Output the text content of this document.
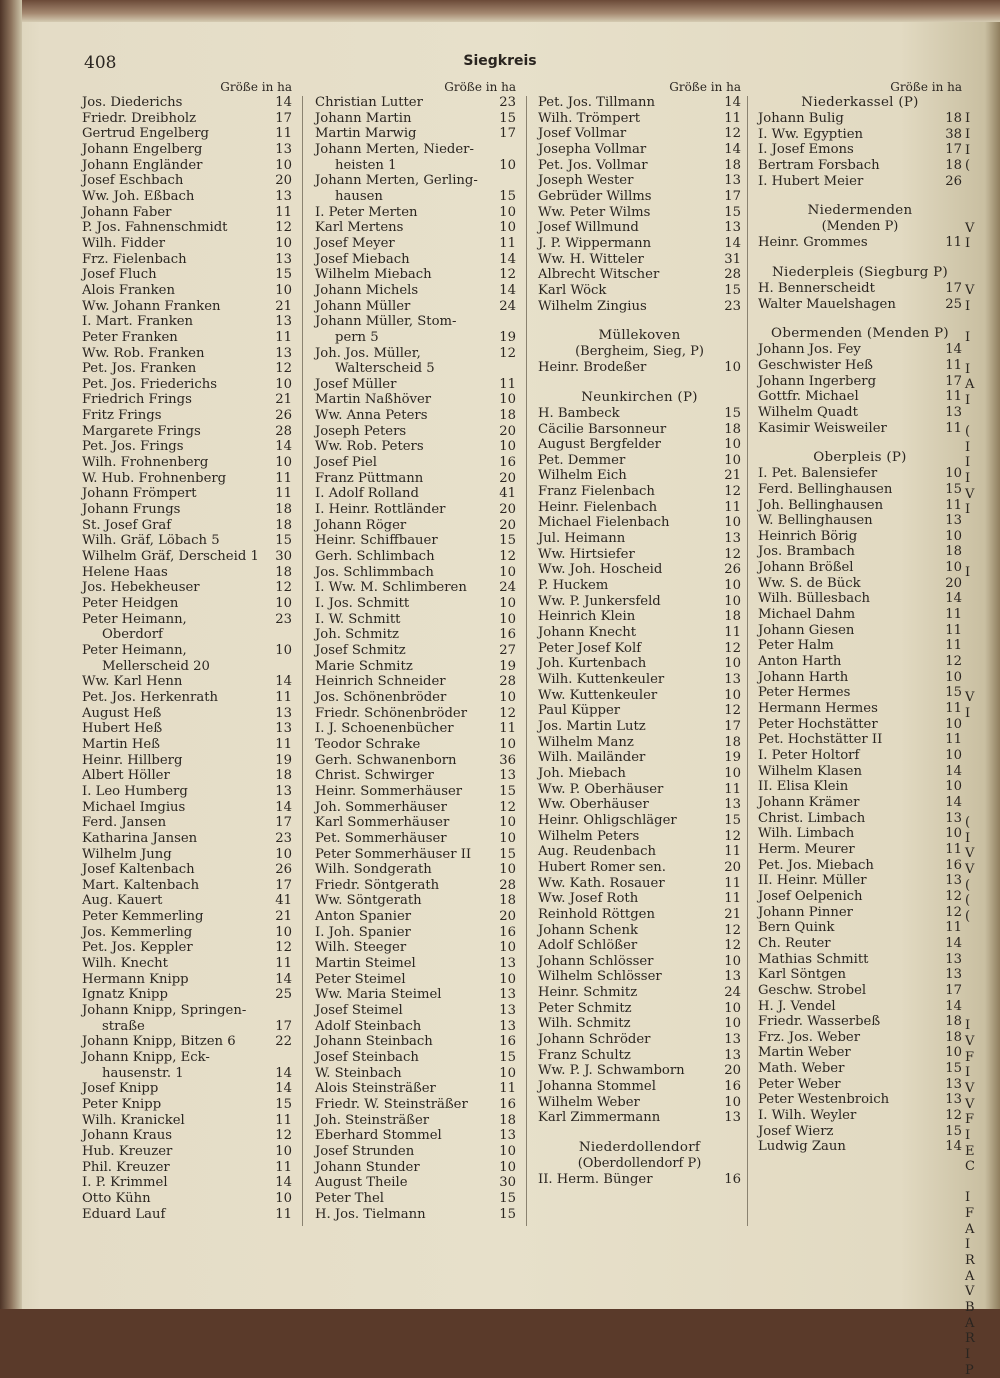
408	Siegkreis
Größe in ha
Jos. Diederichs	14
Friedr. Dreibholz	17
Gertrud Engelberg	11
Johann Engelberg	13
Johann Engländer	10
Josef Eschbach	20
Ww. Joh. Eßbach	13
Johann Faber	11
P. Jos. Fahnenschmidt	12
Wilh. Fidder	10
Frz. Fielenbach	13
Josef Fluch	15
Alois Franken	10
Ww. Johann Franken	21
I. Mart. Franken	13
Peter Franken	11
Ww. Rob. Franken	13
Pet. Jos. Franken	12
Pet. Jos. Friederichs	10
Friedrich Frings	21
Fritz Frings	26
Margarete Frings	28
Pet. Jos. Frings	14
Wilh. Frohnenberg	10
W. Hub. Frohnenberg	11
Johann Frömpert	11
Johann Frungs	18
St. Josef Graf	18
Wilh. Gräf, Löbach 5	15
Wilhelm Gräf, Derscheid 1 30
Helene Haas	18
Jos. Hebekheuser	12
Peter Heidgen	10
Peter Heimann,	23
Oberdorf
Peter Heimann,	10
Mellerscheid 20
Ww. Karl Henn	14
Pet. Jos. Herkenrath	11
August Heß	13
Hubert Heß	13
Martin Heß	11
Heinr. Hillberg	19
Albert Höller	18
I. Leo Humberg	13
Michael Imgius	14
Ferd. Jansen	17
Katharina Jansen	23
Wilhelm Jung	10
Josef Kaltenbach	26
Mart. Kaltenbach	17
Aug. Kauert	41
Peter Kemmerling	21
Jos. Kemmerling	10
Pet. Jos. Keppler	12
Wilh. Knecht	11
Hermann Knipp	14
Ignatz Knipp	25
Johann Knipp, Springen-
straße	17
Johann Knipp, Bitzen 6	22
Johann Knipp, Eck-
hausenstr. 1	14
Josef Knipp	14
Peter Knipp	15
Wilh. Kranickel	11
Johann Kraus	12
Hub. Kreuzer	10
Phil. Kreuzer	11
I. P. Krimmel	14
Otto Kühn	10
Eduard Lauf	11
Größe in ha
Christian Lutter	23
Johann Martin	15
Martin Marwig	17
Johann Merten, Nieder-
heisten 1	10
Johann Merten, Gerling-
hausen	15
I. Peter Merten	10
Karl Mertens	10
Josef Meyer	11
Josef Miebach	14
Wilhelm Miebach	12
Johann Michels	14
Johann Müller	24
Johann Müller, Stom-
pern 5	19
Joh. Jos. Müller,	12
Walterscheid 5
Josef Müller	11
Martin Naßhöver	10
Ww. Anna Peters	18
Joseph Peters	20
Ww. Rob. Peters	10
Josef Piel	16
Franz Püttmann	20
I. Adolf Rolland	41
I. Heinr. Rottländer	20
Johann Röger	20
Heinr. Schiffbauer	15
Gerh. Schlimbach	12
Jos. Schlimmbach	10
I. Ww. M. Schlimberen 24
I. Jos. Schmitt	10
I. W. Schmitt	10
Joh. Schmitz	16
Josef Schmitz	27
Marie Schmitz	19
Heinrich Schneider	28
Jos. Schönenbröder	10
Friedr. Schönenbröder 12
I. J. Schoenenbücher	11
Teodor Schrake	10
Gerh. Schwanenborn	36
Christ. Schwirger	13
Heinr. Sommerhäuser	15
Joh. Sommerhäuser	12
Karl Sommerhäuser	10
Pet. Sommerhäuser	10
Peter Sommerhäuser II 15
Wilh. Sondgerath	10
Friedr. Söntgerath	28
Ww. Söntgerath	18
Anton Spanier	20
I. Joh. Spanier	16
Wilh. Steeger	10
Martin Steimel	13
Peter Steimel	10
Ww. Maria Steimel	13
Josef Steimel	13
Adolf Steinbach	13
Johann Steinbach	16
Josef Steinbach	15
W. Steinbach	10
Alois Steinsträßer	11
Friedr. W. Steinsträßer 16
Joh. Steinsträßer	18
Eberhard Stommel	13
Josef Strunden	10
Johann Stunder	10
August Theile	30
Peter Thel	15
H. Jos. Tielmann	15
Größe in ha
Pet. Jos. Tillmann	14
Wilh. Trömpert	11
Josef Vollmar	12
Josepha Vollmar	14
Pet. Jos. Vollmar	18
Joseph Wester	13
Gebrüder Willms	17
Ww. Peter Wilms	15
Josef Willmund	13
J. P. Wippermann	14
Ww. H. Witteler	31
Albrecht Witscher	28
Karl Wöck	15
Wilhelm Zingius	23
Müllekoven
(Bergheim, Sieg, P)
Heinr. Brodeßer	10
Neunkirchen (P)
H. Bambeck	15
Cäcilie Barsonneur	18
August Bergfelder	10
Pet. Demmer	10
Wilhelm Eich	21
Franz Fielenbach	12
Heinr. Fielenbach	11
Michael Fielenbach	10
Jul. Heimann	13
Ww. Hirtsiefer	12
Ww. Joh. Hoscheid	26
P. Huckem	10
Ww. P. Junkersfeld	10
Heinrich Klein	18
Johann Knecht	11
Peter Josef Kolf	12
Joh. Kurtenbach	10
Wilh. Kuttenkeuler	13
Ww. Kuttenkeuler	10
Paul Küpper	12
Jos. Martin Lutz	17
Wilhelm Manz	18
Wilh. Mailänder	19
Joh. Miebach	10
Ww. P. Oberhäuser	11
Ww. Oberhäuser	13
Heinr. Ohligschläger	15
Wilhelm Peters	12
Aug. Reudenbach	11
Hubert Romer sen.	20
Ww. Kath. Rosauer	11
Ww. Josef Roth	11
Reinhold Röttgen	21
Johann Schenk	12
Adolf Schlößer	12
Johann Schlösser	10
Wilhelm Schlösser	13
Heinr. Schmitz	24
Peter Schmitz	10
Wilh. Schmitz	10
Johann Schröder	13
Franz Schultz	13
Ww. P. J. Schwamborn	20
Johanna Stommel	16
Wilhelm Weber	10
Karl Zimmermann	13
Niederdollendorf
(Oberdollendorf P)
II. Herm. Bünger	16
Größe in ha
Niederkassel (P)
Johann Bulig	18
I. Ww. Egyptien	38
I. Josef Emons	17
Bertram Forsbach	18
I. Hubert Meier	26
Niedermenden
(Menden P)
Heinr. Grommes	11
Niederpleis (Siegburg P)
H. Bennerscheidt	17
Walter Mauelshagen	25
Obermenden (Menden P)
Johann Jos. Fey	14
Geschwister Heß	11
Johann Ingerberg	17
Gottfr. Michael	11
Wilhelm Quadt	13
Kasimir Weisweiler	11
Oberpleis (P)
I. Pet. Balensiefer	10
Ferd. Bellinghausen	15
Joh. Bellinghausen	11
W. Bellinghausen	13
Heinrich Börig	10
Jos. Brambach	18
Johann Brößel	10
Ww. S. de Bück	20
Wilh. Büllesbach	14
Michael Dahm	11
Johann Giesen	11
Peter Halm	11
Anton Harth	12
Johann Harth	10
Peter Hermes	15
Hermann Hermes	11
Peter Hochstätter	10
Pet. Hochstätter II	11
I. Peter Holtorf	10
Wilhelm Klasen	14
II. Elisa Klein	10
Johann Krämer	14
Christ. Limbach	13
Wilh. Limbach	10
Herm. Meurer	11
Pet. Jos. Miebach	16
II. Heinr. Müller	13
Josef Oelpenich	12
Johann Pinner	12
Bern Quink	11
Ch. Reuter	14
Mathias Schmitt	13
Karl Söntgen	13
Geschw. Strobel	17
H. J. Vendel	14
Friedr. Wasserbeß	18
Frz. Jos. Weber	18
Martin Weber	10
Math. Weber	15
Peter Weber	13
Peter Westenbroich	13
I. Wilh. Weyler	12
Josef Wierz	15
Ludwig Zaun	14
I
I
I
(
V
I
V
I
I
I
A
I
(
I
I
I
V
I
I
V
I
(
I
V
V
(
(
(
I
V
F
I
V
V
F
I
E
C
I
F
A
I
R
A
V
B
A
R
I
P
